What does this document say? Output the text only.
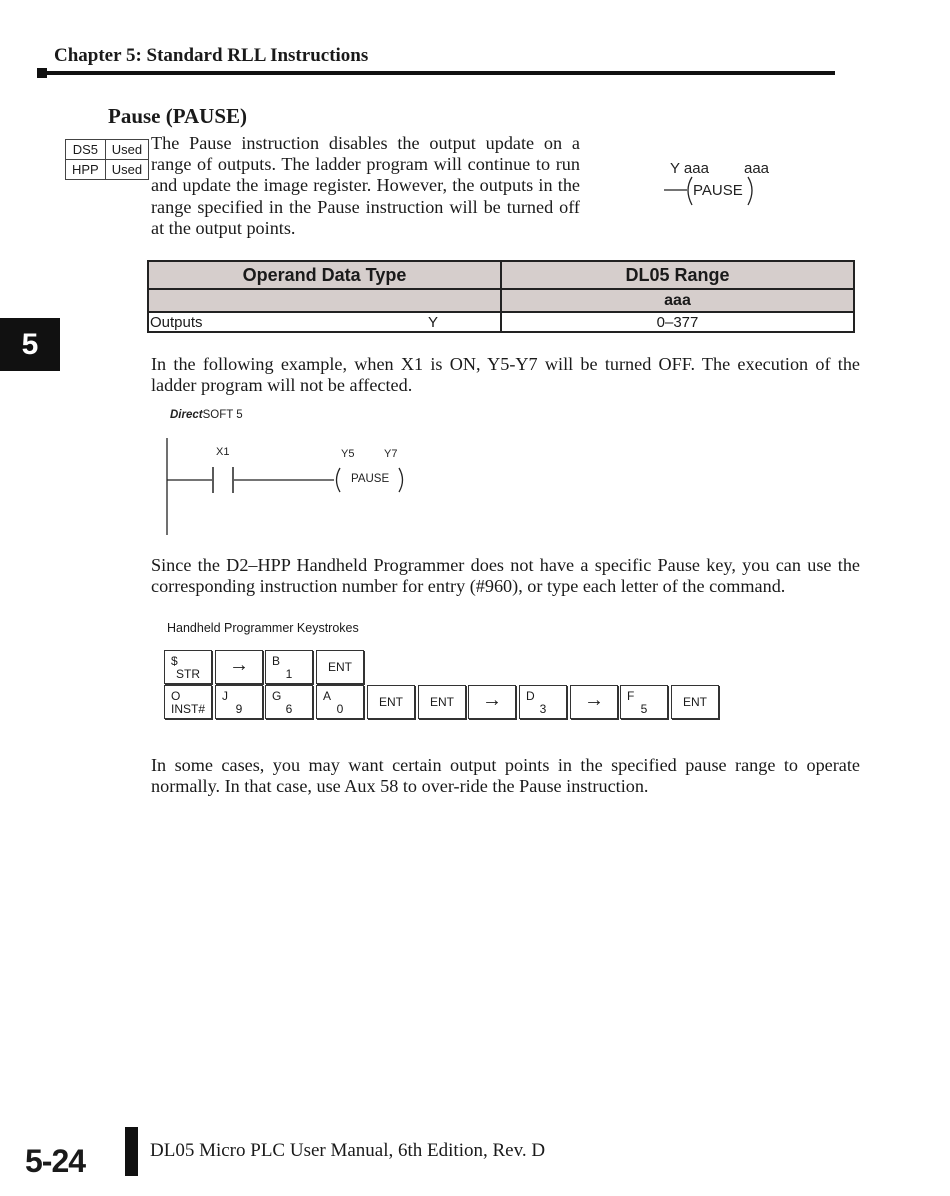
Chapter 5: Standard RLL Instructions
Pause (PAUSE)
DS5	Used
HPP	Used
The Pause instruction disables the output update on a range of outputs. The ladder program will continue to run and update the image register. However, the outputs in the range specified in the Pause instruction will be turned off at the output points.
Y aaa aaa
PAUSE
Operand Data Type	DL05 Range
	aaa

Outputs Y	0–377
5
In the following example, when X1 is ON, Y5-Y7 will be turned OFF. The execution of the ladder program will not be affected.
DirectSOFT 5
X1	Y5	Y7
PAUSE
Since the D2–HPP Handheld Programmer does not have a specific Pause key, you can use the corresponding instruction number for entry (#960), or type each letter of the command.
Handheld Programmer Keystrokes
$
STR	→	B
1	ENT
O
INST#
J
9
G
6
A
0	ENT	ENT	→	D
3	→	F
5	ENT
In some cases, you may want certain output points in the specified pause range to operate normally. In that case, use Aux 58 to over-ride the Pause instruction.
5-24	DL05 Micro PLC User Manual, 6th Edition, Rev. D
